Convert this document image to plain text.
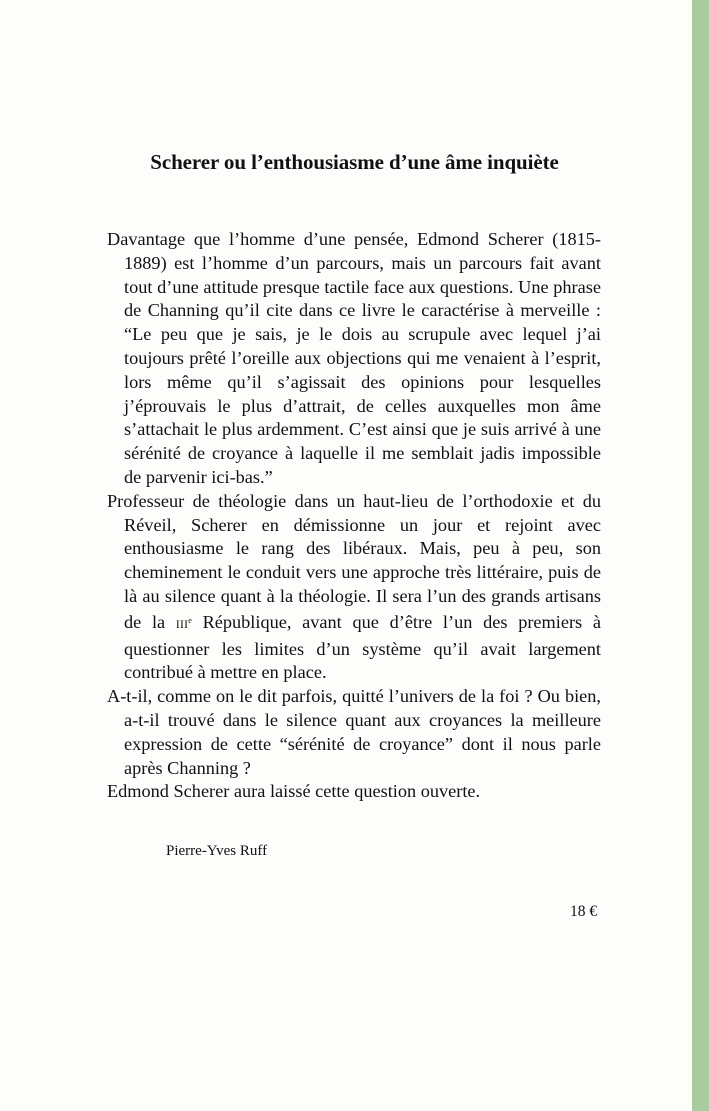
Scherer ou l’enthousiasme d’une âme inquiète

Davantage que l’homme d’une pensée, Edmond Scherer (1815-1889) est l’homme d’un parcours, mais un parcours fait avant tout d’une attitude presque tactile face aux questions. Une phrase de Channing qu’il cite dans ce livre le caractérise à merveille : “Le peu que je sais, je le dois au scrupule avec lequel j’ai toujours prêté l’oreille aux objections qui me venaient à l’esprit, lors même qu’il s’agissait des opinions pour lesquelles j’éprouvais le plus d’attrait, de celles auxquelles mon âme s’attachait le plus ardemment. C’est ainsi que je suis arrivé à une sérénité de croyance à laquelle il me semblait jadis impossible de parvenir ici-bas.”

Professeur de théologie dans un haut-lieu de l’orthodoxie et du Réveil, Scherer en démissionne un jour et rejoint avec enthousiasme le rang des libéraux. Mais, peu à peu, son cheminement le conduit vers une approche très littéraire, puis de là au silence quant à la théologie. Il sera l’un des grands artisans de la IIIe République, avant que d’être l’un des premiers à questionner les limites d’un système qu’il avait largement contribué à mettre en place.

A-t-il, comme on le dit parfois, quitté l’univers de la foi ? Ou bien, a-t-il trouvé dans le silence quant aux croyances la meilleure expression de cette “sérénité de croyance” dont il nous parle après Channing ?

Edmond Scherer aura laissé cette question ouverte.

Pierre-Yves Ruff

18 €
